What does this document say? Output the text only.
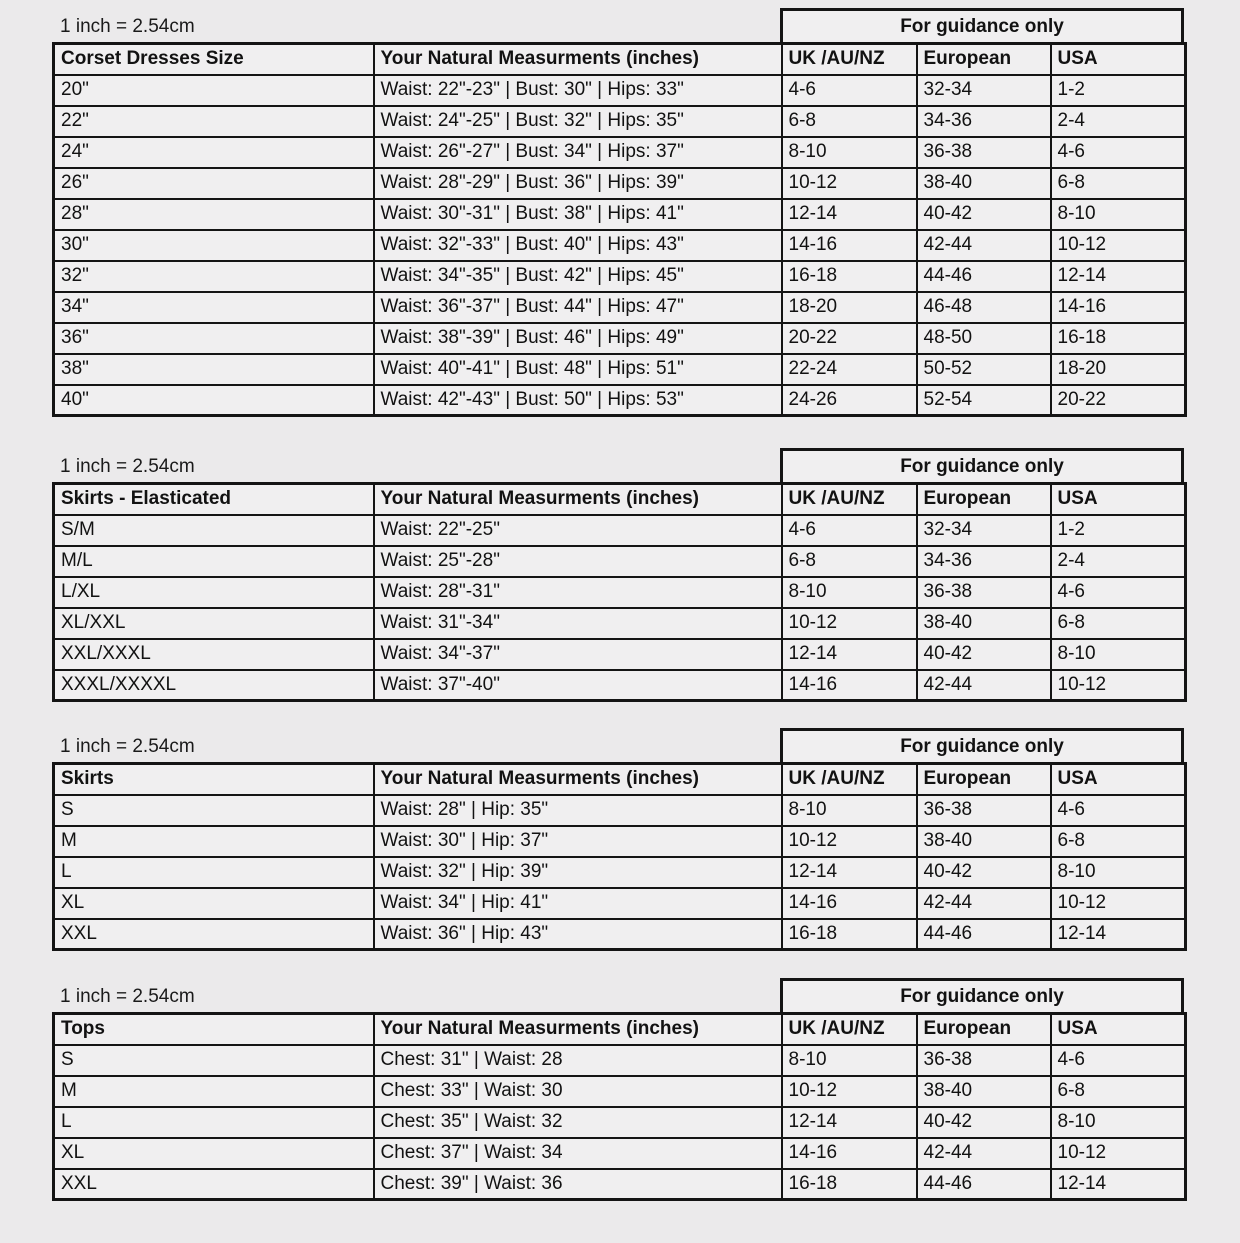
1 inch = 2.54cm	For guidance only
Corset Dresses Size	Your Natural Measurments (inches)	UK /AU/NZ	European	USA
20"	Waist: 22"-23" | Bust: 30" | Hips: 33"	4-6	32-34	1-2
22"	Waist: 24"-25" | Bust: 32" | Hips: 35"	6-8	34-36	2-4
24"	Waist: 26"-27" | Bust: 34" | Hips: 37"	8-10	36-38	4-6
26"	Waist: 28"-29" | Bust: 36" | Hips: 39"	10-12	38-40	6-8
28"	Waist: 30"-31" | Bust: 38" | Hips: 41"	12-14	40-42	8-10
30"	Waist: 32"-33" | Bust: 40" | Hips: 43"	14-16	42-44	10-12
32"	Waist: 34"-35" | Bust: 42" | Hips: 45"	16-18	44-46	12-14
34"	Waist: 36"-37" | Bust: 44" | Hips: 47"	18-20	46-48	14-16
36"	Waist: 38"-39" | Bust: 46" | Hips: 49"	20-22	48-50	16-18
38"	Waist: 40"-41" | Bust: 48" | Hips: 51"	22-24	50-52	18-20
40"	Waist: 42"-43" | Bust: 50" | Hips: 53"	24-26	52-54	20-22
1 inch = 2.54cm	For guidance only
Skirts - Elasticated	Your Natural Measurments (inches)	UK /AU/NZ	European	USA
S/M	Waist: 22"-25"	4-6	32-34	1-2
M/L	Waist: 25"-28"	6-8	34-36	2-4
L/XL	Waist: 28"-31"	8-10	36-38	4-6
XL/XXL	Waist: 31"-34"	10-12	38-40	6-8
XXL/XXXL	Waist: 34"-37"	12-14	40-42	8-10
XXXL/XXXXL	Waist: 37"-40"	14-16	42-44	10-12
1 inch = 2.54cm	For guidance only
Skirts	Your Natural Measurments (inches)	UK /AU/NZ	European	USA
S	Waist: 28" | Hip: 35"	8-10	36-38	4-6
M	Waist: 30" | Hip: 37"	10-12	38-40	6-8
L	Waist: 32" | Hip: 39"	12-14	40-42	8-10
XL	Waist: 34" | Hip: 41"	14-16	42-44	10-12
XXL	Waist: 36" | Hip: 43"	16-18	44-46	12-14
1 inch = 2.54cm	For guidance only
Tops	Your Natural Measurments (inches)	UK /AU/NZ	European	USA
S	Chest: 31" | Waist: 28	8-10	36-38	4-6
M	Chest: 33" | Waist: 30	10-12	38-40	6-8
L	Chest: 35" | Waist: 32	12-14	40-42	8-10
XL	Chest: 37" | Waist: 34	14-16	42-44	10-12
XXL	Chest: 39" | Waist: 36	16-18	44-46	12-14
